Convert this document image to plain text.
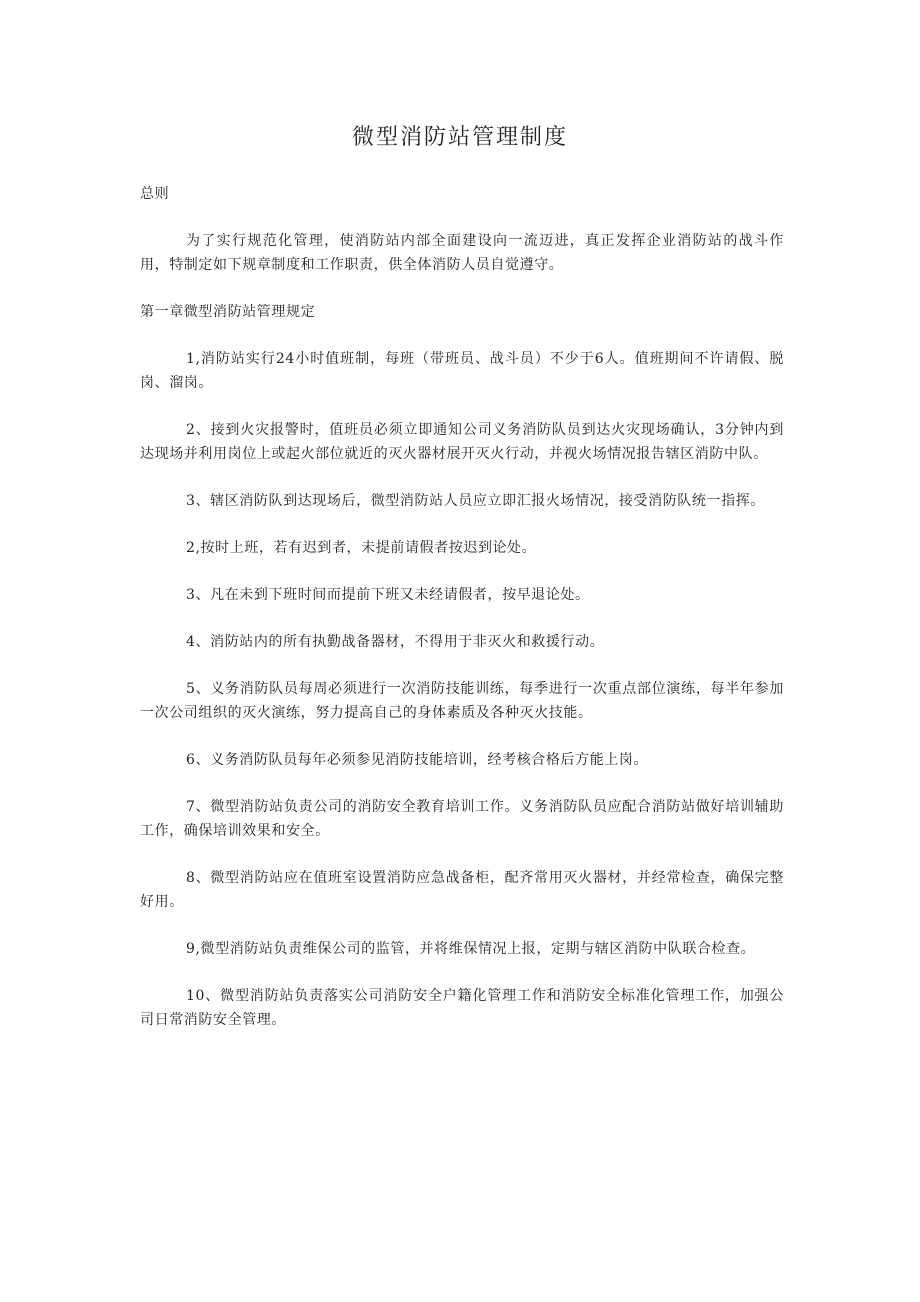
微型消防站管理制度

总则

为了实行规范化管理，使消防站内部全面建设向一流迈进，真正发挥企业消防站的战斗作用，特制定如下规章制度和工作职责，供全体消防人员自觉遵守。

第一章微型消防站管理规定

1,消防站实行24小时值班制，每班（带班员、战斗员）不少于6人。值班期间不许请假、脱岗、溜岗。

2、接到火灾报警时，值班员必须立即通知公司义务消防队员到达火灾现场确认，3分钟内到达现场并利用岗位上或起火部位就近的灭火器材展开灭火行动，并视火场情况报告辖区消防中队。

3、辖区消防队到达现场后，微型消防站人员应立即汇报火场情况，接受消防队统一指挥。

2,按时上班，若有迟到者，未提前请假者按迟到论处。

3、凡在未到下班时间而提前下班又未经请假者，按早退论处。

4、消防站内的所有执勤战备器材，不得用于非灭火和救援行动。

5、义务消防队员每周必须进行一次消防技能训练，每季进行一次重点部位演练，每半年参加一次公司组织的灭火演练，努力提高自己的身体素质及各种灭火技能。

6、义务消防队员每年必须参见消防技能培训，经考核合格后方能上岗。

7、微型消防站负责公司的消防安全教育培训工作。义务消防队员应配合消防站做好培训辅助工作，确保培训效果和安全。

8、微型消防站应在值班室设置消防应急战备柜，配齐常用灭火器材，并经常检查，确保完整好用。

9,微型消防站负责维保公司的监管，并将维保情况上报，定期与辖区消防中队联合检查。

10、微型消防站负责落实公司消防安全户籍化管理工作和消防安全标准化管理工作，加强公司日常消防安全管理。
